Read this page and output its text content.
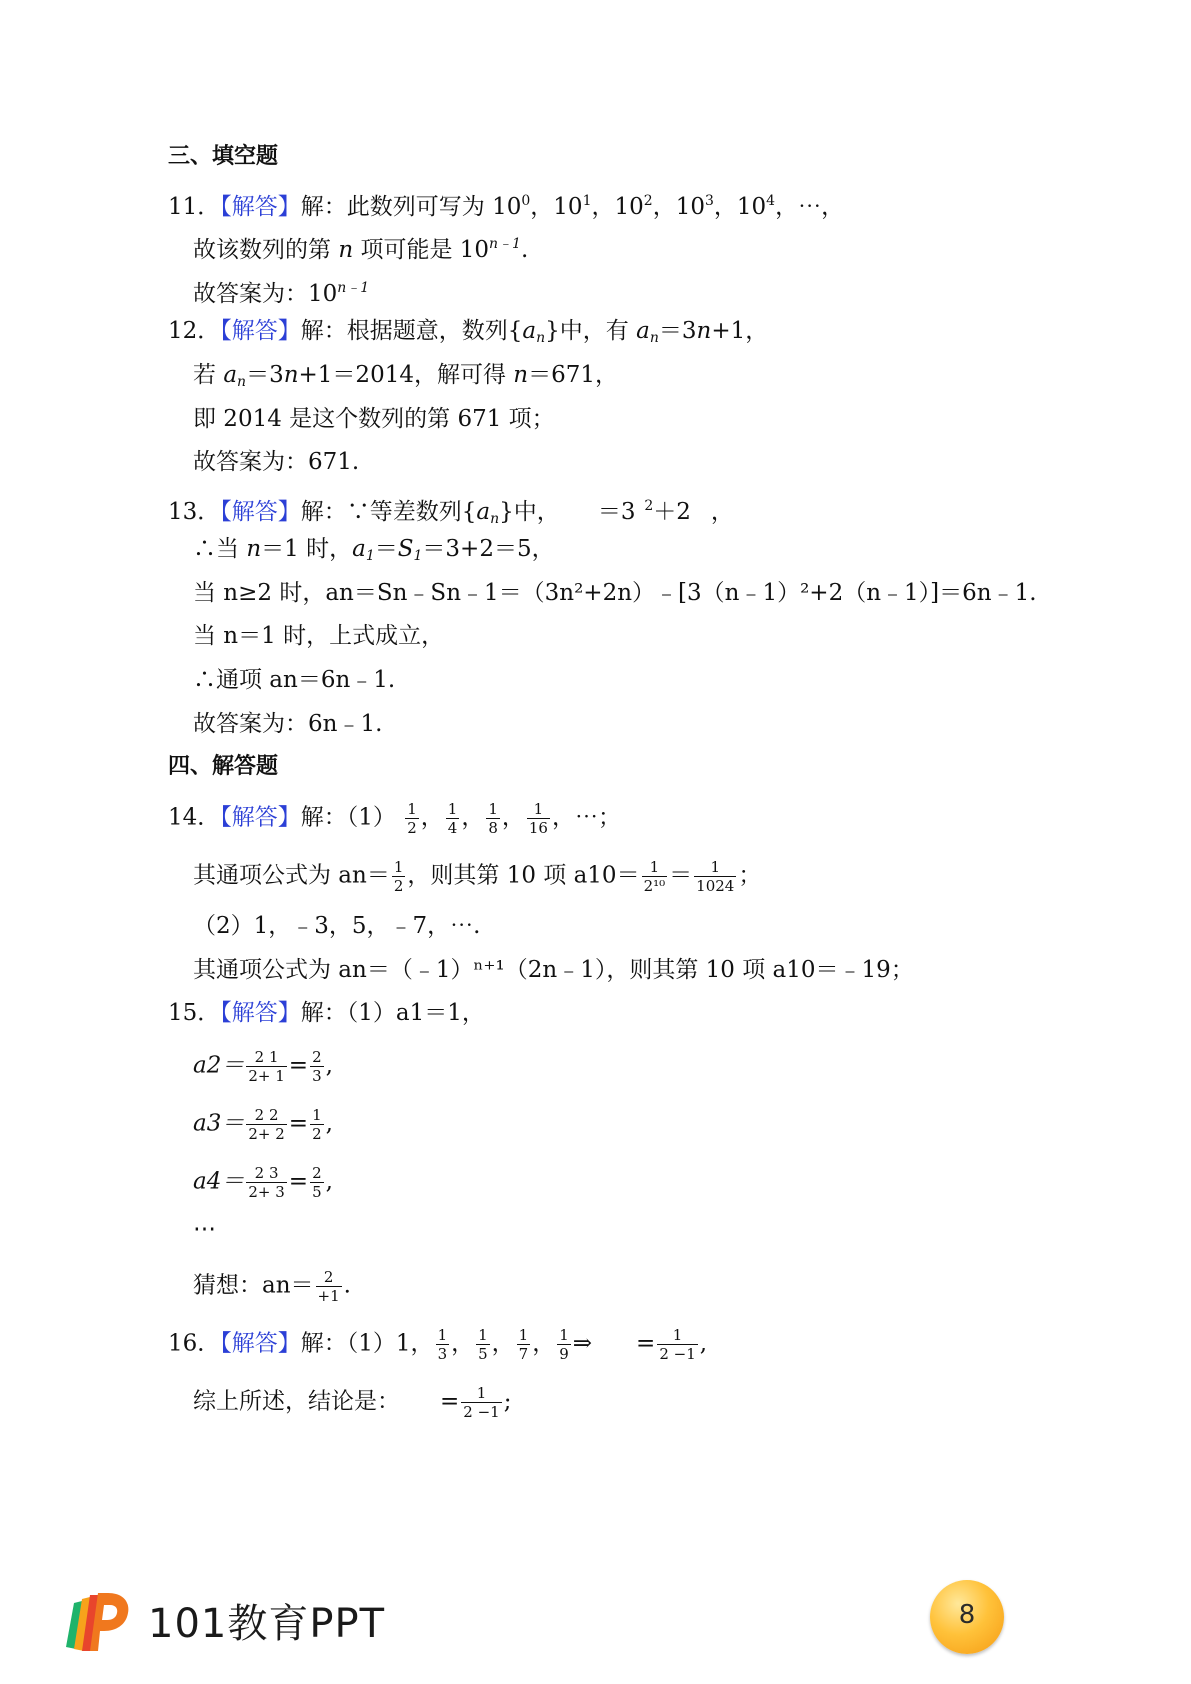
三、填空题
11．【解答】解：此数列可写为 $10^0$，$10^1$，$10^2$，$10^3$，$10^4$，⋯，
故该数列的第 n 项可能是 $10^{n﹣1}$.
故答案为：$10^{n﹣1}$
12．【解答】解：根据题意，数列$\{a_n\}$中，有 $a_n=3n+1$，
若 $a_n=3n+1=2014$，解可得 n＝671，
即 2014 是这个数列的第 671 项；
故答案为：671.
13．【解答】解：∵等差数列$\{a_n\}$中， ＝3  $^2$＋2 ，
∴当 n＝1 时，$a_1=S_1=3+2=5$，
当 n≥2 时，an＝Sn﹣Sn﹣1＝（3n²+2n）﹣[3（n﹣1）²+2（n﹣1）]＝6n﹣1.
当 n＝1 时，上式成立，
∴通项 an＝6n﹣1.
故答案为：6n﹣1.
四、解答题
14．【解答】解：$(1) \frac{1}{2}$ ， $\frac{1}{4}$ ， $\frac{1}{8}$ ， $\frac{1}{16}$ ，⋯；
其通项公式为 $an= \frac{1}{2}$ ，则其第 10 项 $a10= \frac{1}{\text{2¹⁰}} = \frac{1}{1024}$ ；
（2）1，﹣3，5，﹣7，⋯.
其通项公式为 an＝（﹣1）ⁿ⁺¹（2n﹣1），则其第 10 项 a10＝﹣19；
15．【解答】解：（1）a1＝1，
$a2= \frac{2 1}{2+ 1} = \frac{2}{3}$ ,
$a3= \frac{2 2}{2+ 2} = \frac{1}{2}$ ,
$a4= \frac{2 3}{2+ 3} = \frac{2}{5}$ ,
⋯
猜想：$an= \frac{2}{+1}$ .
16．【解答】解：（1）1， $\frac{1}{3}$ ， $\frac{1}{5}$ ， $\frac{1}{7}$ ， $\frac{1}{9}$ ⇒ = $\frac{1}{2 -1}$ ,
综上所述，结论是： = $\frac{1}{2 -1}$ ;
101教育PPT	8
